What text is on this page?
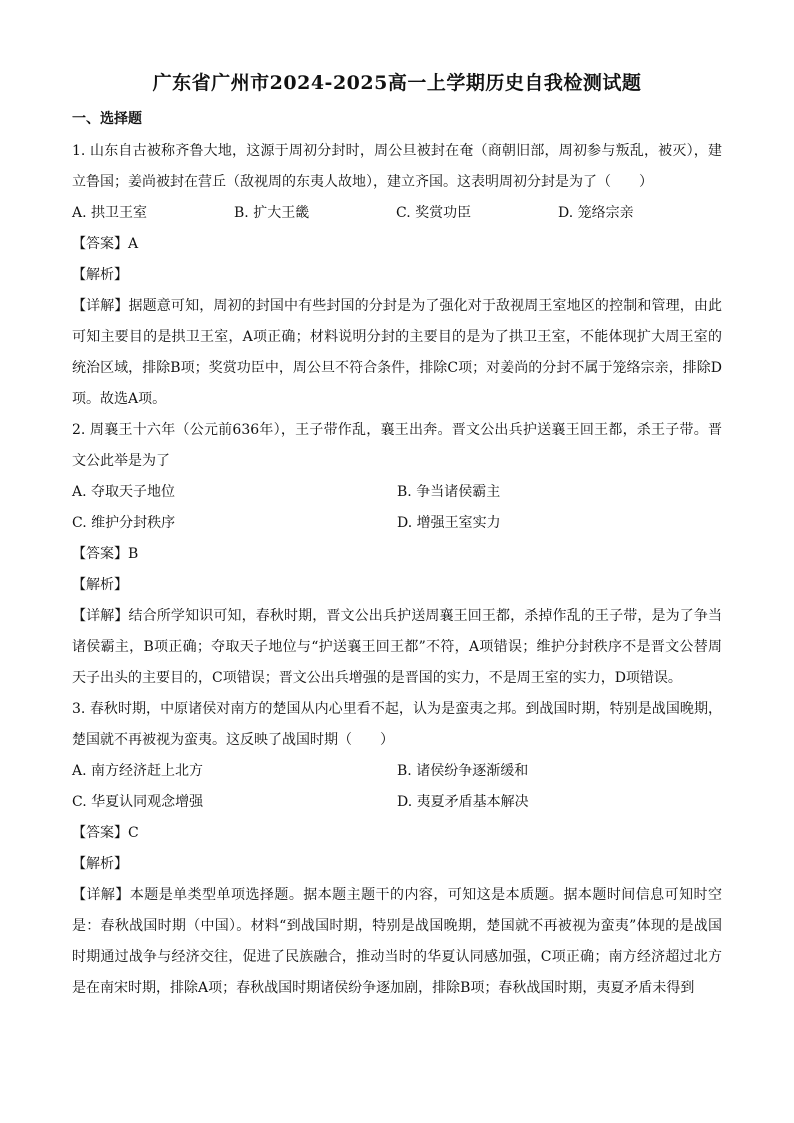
广东省广州市2024-2025高一上学期历史自我检测试题
一、选择题

1. 山东自古被称齐鲁大地，这源于周初分封时，周公旦被封在奄（商朝旧部，周初参与叛乱，被灭），建立鲁国；姜尚被封在营丘（敌视周的东夷人故地），建立齐国。这表明周初分封是为了（　　）

A. 拱卫王室	B. 扩大王畿	C. 奖赏功臣	D. 笼络宗亲

【答案】A

【解析】

【详解】据题意可知，周初的封国中有些封国的分封是为了强化对于敌视周王室地区的控制和管理，由此可知主要目的是拱卫王室，A项正确；材料说明分封的主要目的是为了拱卫王室，不能体现扩大周王室的统治区域，排除B项；奖赏功臣中，周公旦不符合条件，排除C项；对姜尚的分封不属于笼络宗亲，排除D项。故选A项。

2. 周襄王十六年（公元前636年），王子带作乱，襄王出奔。晋文公出兵护送襄王回王都，杀王子带。晋文公此举是为了

A. 夺取天子地位	B. 争当诸侯霸主
C. 维护分封秩序	D. 增强王室实力

【答案】B

【解析】

【详解】结合所学知识可知，春秋时期，晋文公出兵护送周襄王回王都，杀掉作乱的王子带，是为了争当诸侯霸主，B项正确；夺取天子地位与“护送襄王回王都”不符，A项错误；维护分封秩序不是晋文公替周天子出头的主要目的，C项错误；晋文公出兵增强的是晋国的实力，不是周王室的实力，D项错误。

3. 春秋时期，中原诸侯对南方的楚国从内心里看不起，认为是蛮夷之邦。到战国时期，特别是战国晚期，楚国就不再被视为蛮夷。这反映了战国时期（　　）

A. 南方经济赶上北方	B. 诸侯纷争逐渐缓和
C. 华夏认同观念增强	D. 夷夏矛盾基本解决

【答案】C

【解析】

【详解】本题是单类型单项选择题。据本题主题干的内容，可知这是本质题。据本题时间信息可知时空是：春秋战国时期（中国）。材料“到战国时期，特别是战国晚期，楚国就不再被视为蛮夷”体现的是战国时期通过战争与经济交往，促进了民族融合，推动当时的华夏认同感加强，C项正确；南方经济超过北方是在南宋时期，排除A项；春秋战国时期诸侯纷争逐加剧，排除B项；春秋战国时期，夷夏矛盾未得到
